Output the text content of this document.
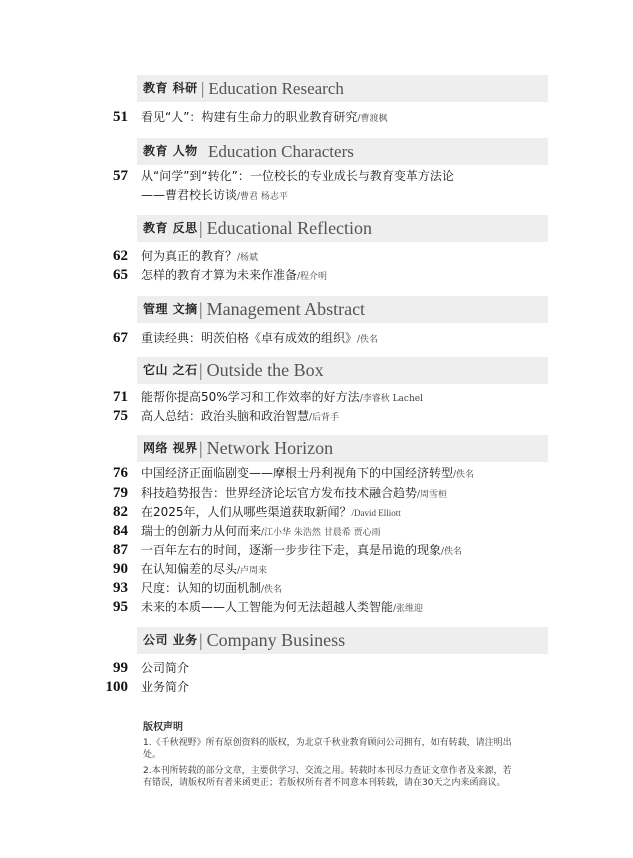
教育 科研 | Education Research
51 看见“人”：构建有生命力的职业教育研究/曹渡枫
教育 人物 Education Characters
57 从“问学”到“转化”：一位校长的专业成长与教育变革方法论
——曹君校长访谈/曹君 杨志平
教育 反思 | Educational Reflection
62 何为真正的教育？/杨斌
65 怎样的教育才算为未来作准备/程介明
管理 文摘 | Management Abstract
67 重读经典：明茨伯格《卓有成效的组织》/佚名
它山 之石 | Outside the Box
71 能帮你提高50%学习和工作效率的好方法/李睿秋 Lachel
75 高人总结：政治头脑和政治智慧/后背手
网络 视界 | Network Horizon
76 中国经济正面临剧变——摩根士丹利视角下的中国经济转型/佚名
79 科技趋势报告：世界经济论坛官方发布技术融合趋势/周雪桓
82 在2025年，人们从哪些渠道获取新闻？/David Elliott
84 瑞士的创新力从何而来/江小华 朱浩然 甘晨希 贾心雨
87 一百年左右的时间，逐渐一步步往下走，真是吊诡的现象/佚名
90 在认知偏差的尽头/卢周来
93 尺度：认知的切面机制/佚名
95 未来的本质——人工智能为何无法超越人类智能/张维迎
公司 业务 | Company Business
99 公司简介
100 业务简介
版权声明
1.《千秋视野》所有原创资料的版权，为北京千秋业教育顾问公司拥有，如有转载，请注明出处。
2.本刊所转载的部分文章，主要供学习、交流之用。转载时本刊尽力查证文章作者及来源，若有错误，请版权所有者来函更正；若版权所有者不同意本刊转载，请在30天之内来函商议。
